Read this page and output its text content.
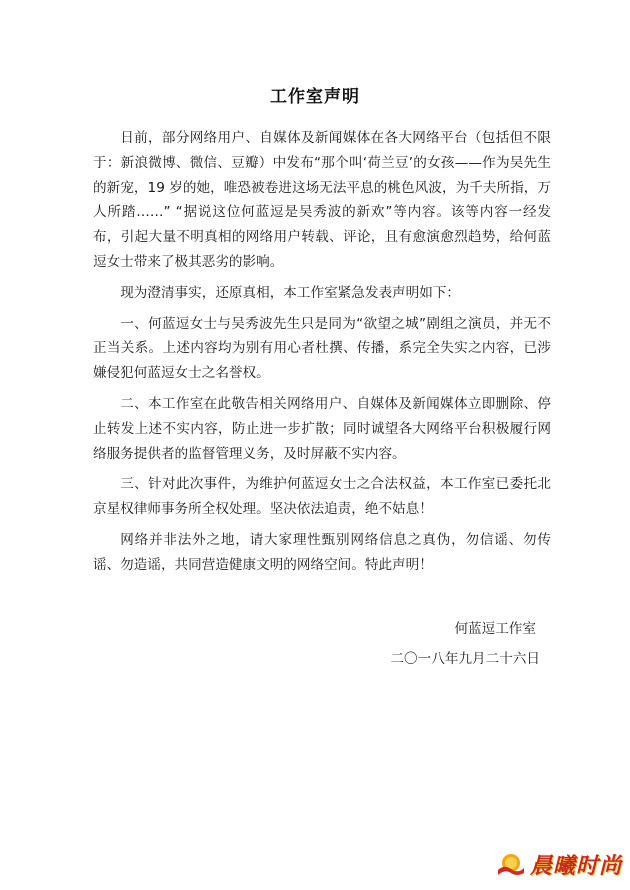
工作室声明

日前，部分网络用户、自媒体及新闻媒体在各大网络平台（包括但不限于：新浪微博、微信、豆瓣）中发布“那个叫‘荷兰豆’的女孩——作为吴先生的新宠，19 岁的她，唯恐被卷进这场无法平息的桃色风波，为千夫所指，万人所踏……” “据说这位何蓝逗是吴秀波的新欢”等内容。该等内容一经发布，引起大量不明真相的网络用户转载、评论，且有愈演愈烈趋势，给何蓝逗女士带来了极其恶劣的影响。

现为澄清事实，还原真相，本工作室紧急发表声明如下：

一、何蓝逗女士与吴秀波先生只是同为“欲望之城”剧组之演员，并无不正当关系。上述内容均为别有用心者杜撰、传播，系完全失实之内容，已涉嫌侵犯何蓝逗女士之名誉权。

二、本工作室在此敬告相关网络用户、自媒体及新闻媒体立即删除、停止转发上述不实内容，防止进一步扩散；同时诚望各大网络平台积极履行网络服务提供者的监督管理义务，及时屏蔽不实内容。

三、针对此次事件，为维护何蓝逗女士之合法权益，本工作室已委托北京星权律师事务所全权处理。坚决依法追责，绝不姑息！

网络并非法外之地，请大家理性甄别网络信息之真伪，勿信谣、勿传谣、勿造谣，共同营造健康文明的网络空间。特此声明！

何蓝逗工作室
二〇一八年九月二十六日
晨曦时尚
